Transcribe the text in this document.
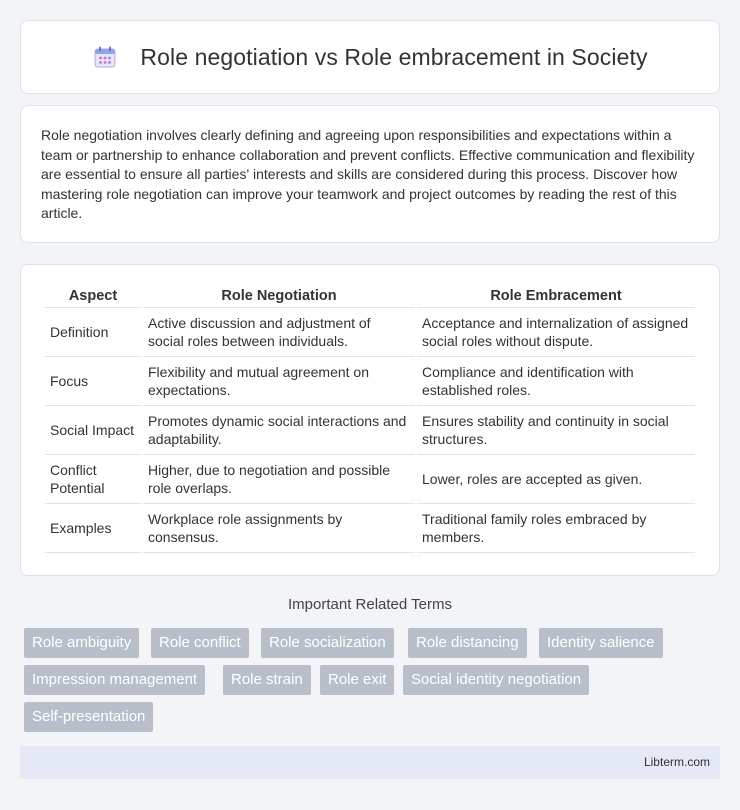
Role negotiation vs Role embracement in Society

Role negotiation involves clearly defining and agreeing upon responsibilities and expectations within a team or partnership to enhance collaboration and prevent conflicts. Effective communication and flexibility are essential to ensure all parties' interests and skills are considered during this process. Discover how mastering role negotiation can improve your teamwork and project outcomes by reading the rest of this article.

Aspect	Role Negotiation	Role Embracement
Definition	Active discussion and adjustment of social roles between individuals.	Acceptance and internalization of assigned social roles without dispute.
Focus	Flexibility and mutual agreement on expectations.	Compliance and identification with established roles.
Social Impact	Promotes dynamic social interactions and adaptability.	Ensures stability and continuity in social structures.
Conflict Potential	Higher, due to negotiation and possible role overlaps.	Lower, roles are accepted as given.
Examples	Workplace role assignments by consensus.	Traditional family roles embraced by members.
Important Related Terms
Role ambiguity	Role conflict	Role socialization	Role distancing	Identity salience
Impression management	Role strain	Role exit	Social identity negotiation
Self-presentation
Libterm.com
